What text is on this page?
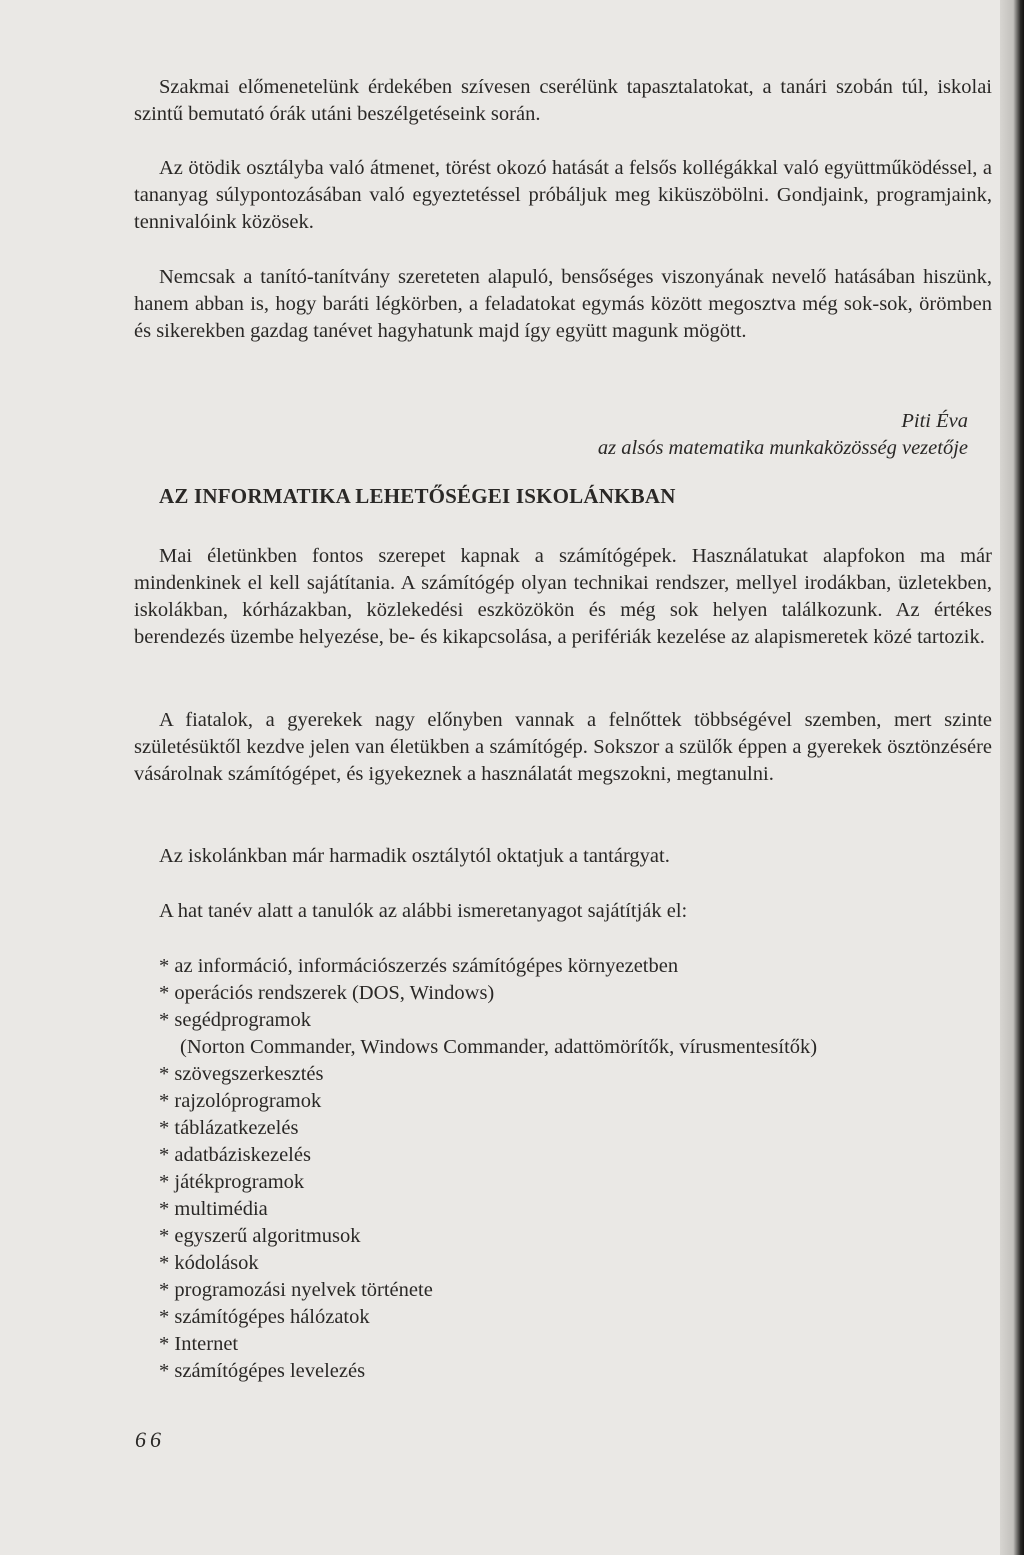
Szakmai előmenetelünk érdekében szívesen cserélünk tapasztalatokat, a tanári szobán túl, iskolai szintű bemutató órák utáni beszélgetéseink során.

Az ötödik osztályba való átmenet, törést okozó hatását a felsős kollégákkal való együttműködéssel, a tananyag súlypontozásában való egyeztetéssel próbáljuk meg kiküszöbölni. Gondjaink, programjaink, tennivalóink közösek.

Nemcsak a tanító-tanítvány szereteten alapuló, bensőséges viszonyának nevelő hatásában hiszünk, hanem abban is, hogy baráti légkörben, a feladatokat egymás között megosztva még sok-sok, örömben és sikerekben gazdag tanévet hagyhatunk majd így együtt magunk mögött.

Piti Éva
az alsós matematika munkaközösség vezetője
AZ INFORMATIKA LEHETŐSÉGEI ISKOLÁNKBAN

Mai életünkben fontos szerepet kapnak a számítógépek. Használatukat alapfokon ma már mindenkinek el kell sajátítania. A számítógép olyan technikai rendszer, mellyel irodákban, üzletekben, iskolákban, kórházakban, közlekedési eszközökön és még sok helyen találkozunk. Az értékes berendezés üzembe helyezése, be- és kikapcsolása, a perifériák kezelése az alapismeretek közé tartozik.

A fiatalok, a gyerekek nagy előnyben vannak a felnőttek többségével szemben, mert szinte születésüktől kezdve jelen van életükben a számítógép. Sokszor a szülők éppen a gyerekek ösztönzésére vásárolnak számítógépet, és igyekeznek a használatát megszokni, megtanulni.

Az iskolánkban már harmadik osztálytól oktatjuk a tantárgyat.

A hat tanév alatt a tanulók az alábbi ismeretanyagot sajátítják el:

* az információ, információszerzés számítógépes környezetben
* operációs rendszerek (DOS, Windows)
* segédprogramok
(Norton Commander, Windows Commander, adattömörítők, vírusmentesítők)
* szövegszerkesztés
* rajzolóprogramok
* táblázatkezelés
* adatbáziskezelés
* játékprogramok
* multimédia
* egyszerű algoritmusok
* kódolások
* programozási nyelvek története
* számítógépes hálózatok
* Internet
* számítógépes levelezés
66
